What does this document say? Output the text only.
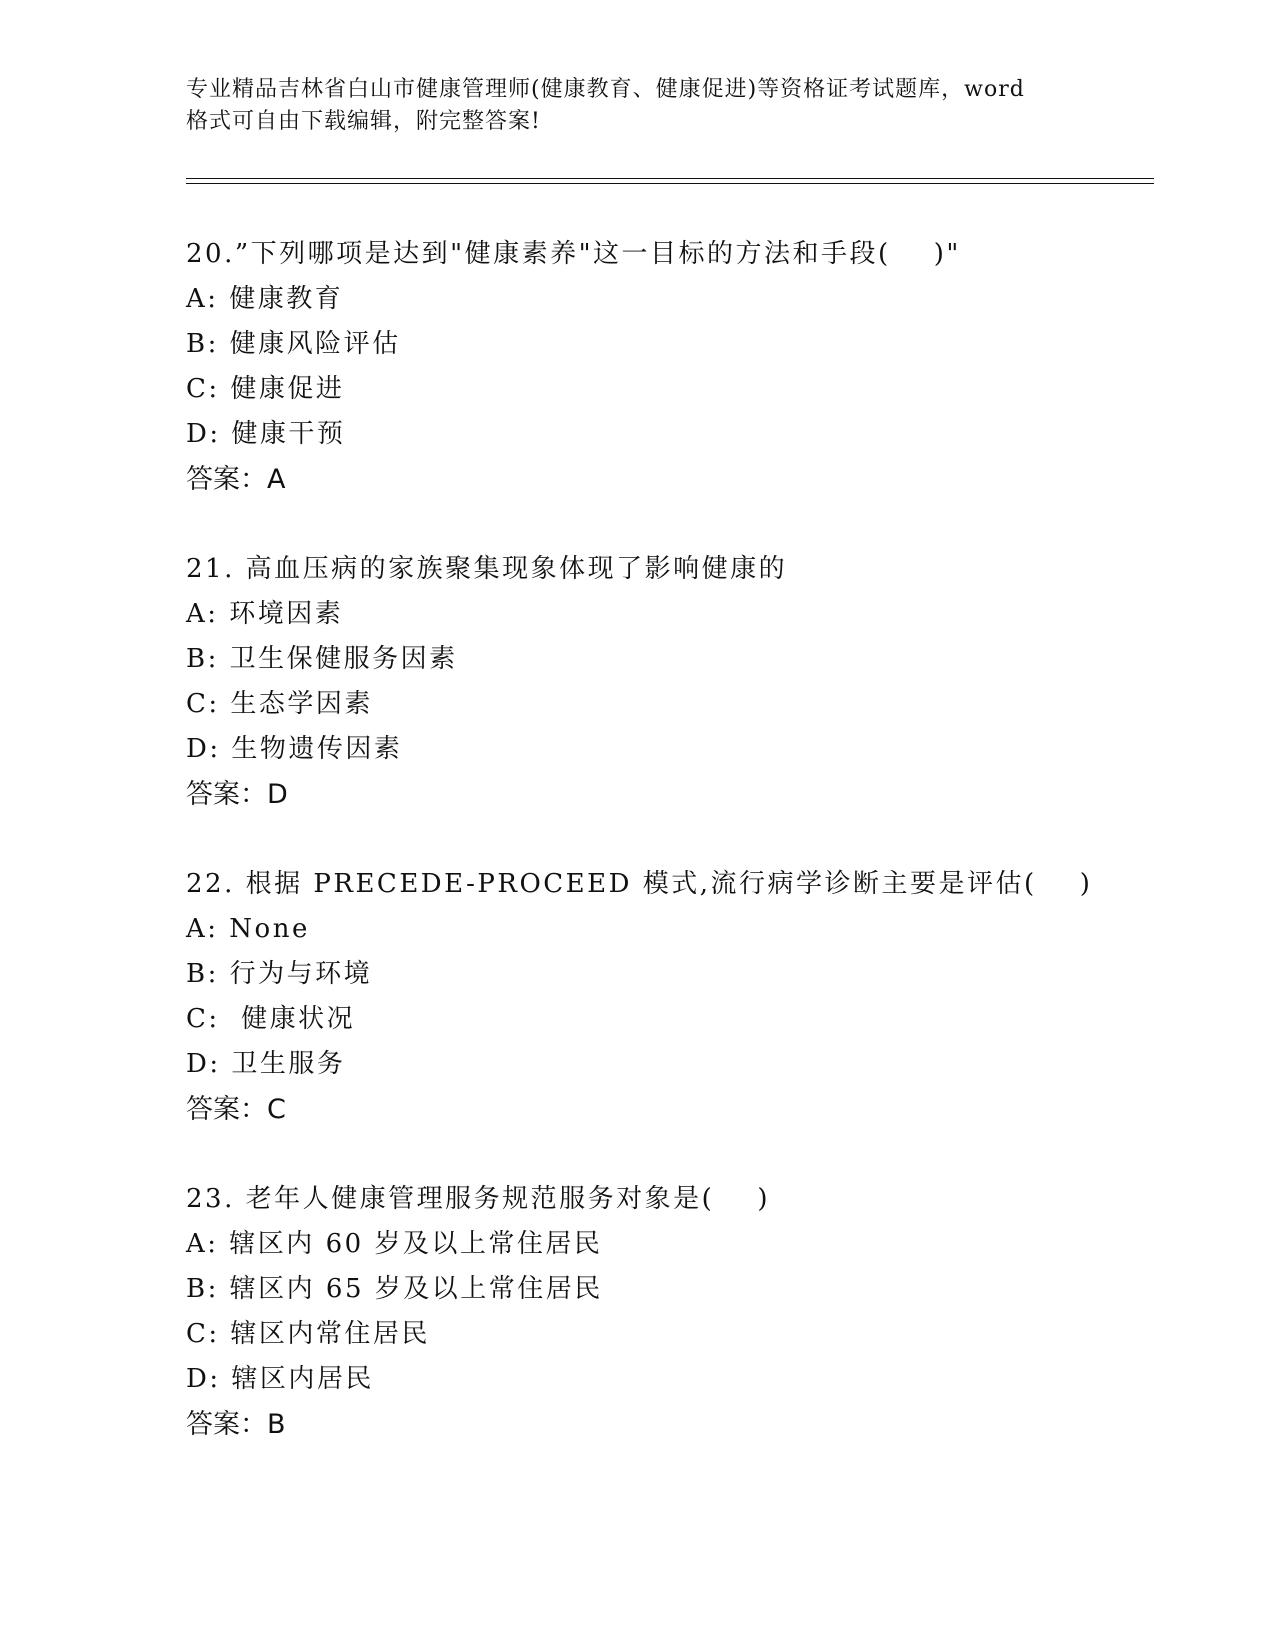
专业精品吉林省白山市健康管理师(健康教育、健康促进)等资格证考试题库，word
格式可自由下载编辑，附完整答案!
20.”下列哪项是达到"健康素养"这一目标的方法和手段(    )"
A: 健康教育
B: 健康风险评估
C: 健康促进
D: 健康干预
答案：A
21. 高血压病的家族聚集现象体现了影响健康的
A: 环境因素
B: 卫生保健服务因素
C: 生态学因素
D: 生物遗传因素
答案：D
22. 根据 PRECEDE-PROCEED 模式,流行病学诊断主要是评估(    )
A: None
B: 行为与环境
C:  健康状况
D: 卫生服务
答案：C
23. 老年人健康管理服务规范服务对象是(    )
A: 辖区内 60 岁及以上常住居民
B: 辖区内 65 岁及以上常住居民
C: 辖区内常住居民
D: 辖区内居民
答案：B
